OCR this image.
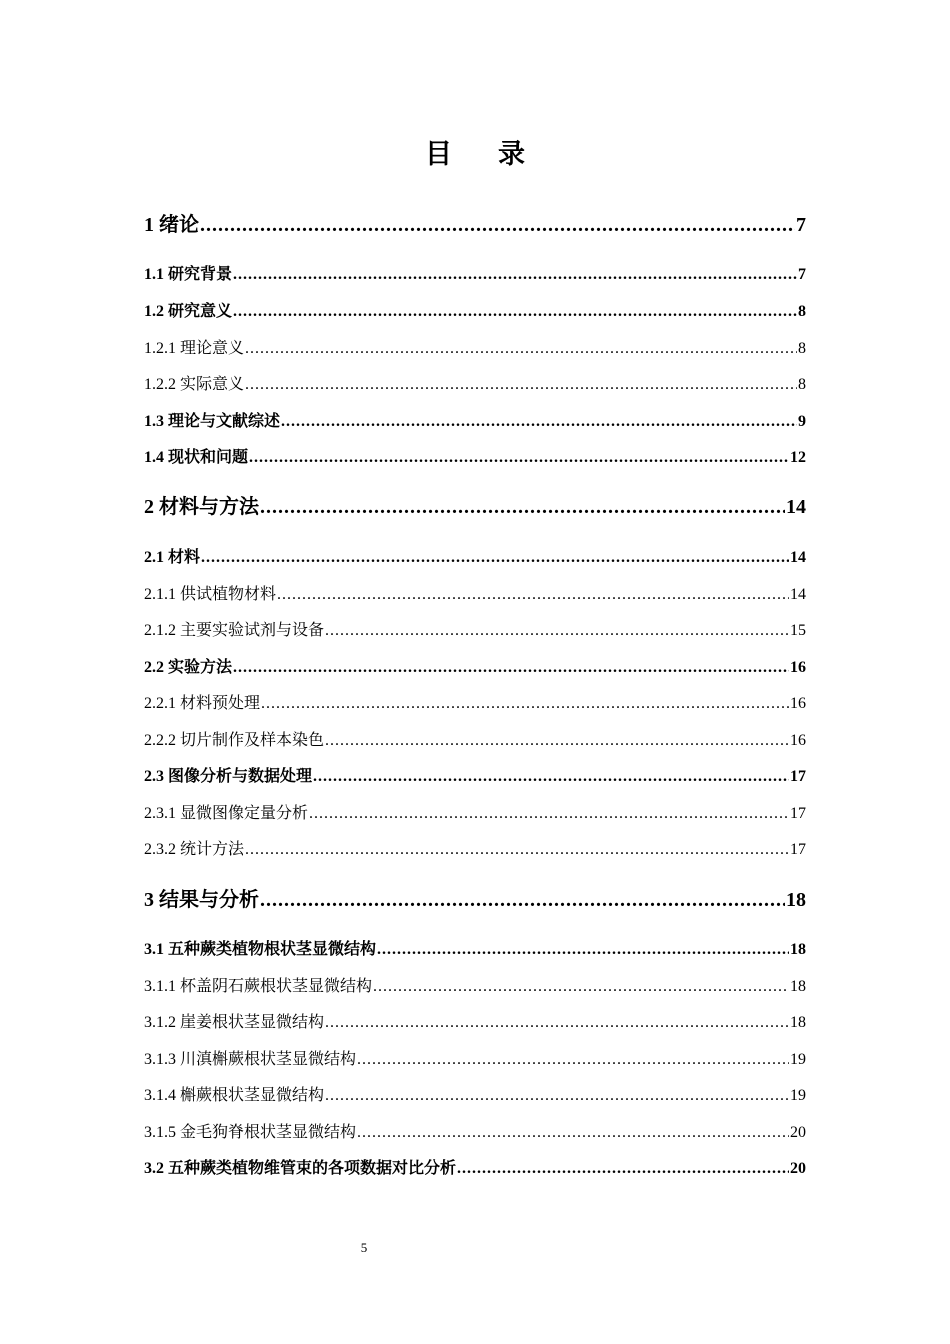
目 录
1 绪论 .....	7
1.1 研究背景 .....	7
1.2 研究意义 .....	8
1.2.1 理论意义 .....	8
1.2.2 实际意义 .....	8
1.3 理论与文献综述 .....	9
1.4 现状和问题 .....	12
2 材料与方法 .....	14
2.1 材料 .....	14
2.1.1 供试植物材料 .....	14
2.1.2 主要实验试剂与设备 .....	15
2.2 实验方法 .....	16
2.2.1 材料预处理 .....	16
2.2.2 切片制作及样本染色 .....	16
2.3 图像分析与数据处理 .....	17
2.3.1 显微图像定量分析 .....	17
2.3.2 统计方法 .....	17
3 结果与分析 .....	18
3.1 五种蕨类植物根状茎显微结构 .....	18
3.1.1 杯盖阴石蕨根状茎显微结构 .....	18
3.1.2 崖姜根状茎显微结构 .....	18
3.1.3 川滇槲蕨根状茎显微结构 .....	19
3.1.4 槲蕨根状茎显微结构 .....	19
3.1.5 金毛狗脊根状茎显微结构 .....	20
3.2 五种蕨类植物维管束的各项数据对比分析 .....	20
5
